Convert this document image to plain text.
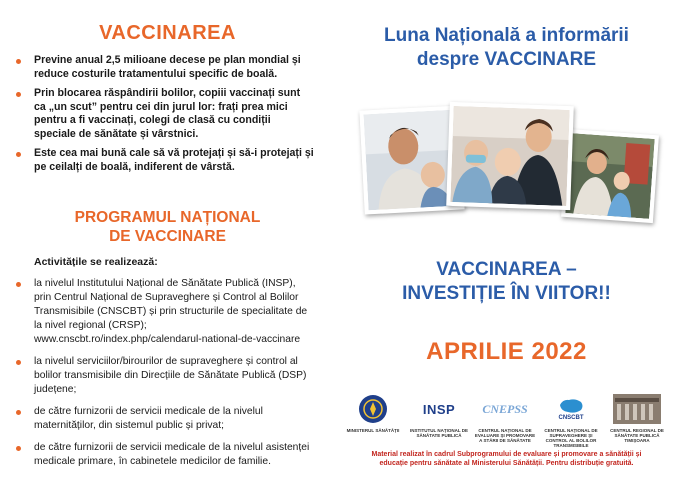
VACCINAREA
Previne anual 2,5 milioane decese pe plan mondial și reduce costurile tratamentului specific de boală.
Prin blocarea răspândirii bolilor, copiii vaccinați sunt ca „un scut” pentru cei din jurul lor: frați prea mici pentru a fi vaccinați, colegi de clasă cu condiții speciale de sănătate și vârstnici.
Este cea mai bună cale să vă protejați și să-i protejați și pe ceilalți de boală, indiferent de vârstă.
PROGRAMUL NAȚIONAL
DE VACCINARE
Activitățile se realizează:
la nivelul Institutului Național de Sănătate Publică (INSP), prin Centrul Național de Supraveghere și Control al Bolilor Transmisibile (CNSCBT) și prin structurile de specialitate de la nivel regional (CRSP); www.cnscbt.ro/index.php/calendarul-national-de-vaccinare
la nivelul serviciilor/birourilor de supraveghere și control al bolilor transmisibile din Direcțiile de Sănătate Publică (DSP) județene;
de către furnizorii de servicii medicale de la nivelul maternităților, din sistemul public și privat;
de către furnizorii de servicii medicale de la nivelul asistenței medicale primare, în cabinetele medicilor de familie.
Luna Națională a informării
despre VACCINARE
VACCINAREA –
INVESTIȚIE ÎN VIITOR!!
APRILIE 2022
MINISTERUL SĂNĂTĂȚII
INSP
INSTITUTUL NAȚIONAL DE SĂNĂTATE PUBLICĂ
CNEPSS
CENTRUL NAȚIONAL DE EVALUARE ȘI PROMOVARE A STĂRII DE SĂNĂTATE
CNSCBT
CENTRUL NAȚIONAL DE SUPRAVEGHERE ȘI CONTROL AL BOLILOR TRANSMISIBILE
CENTRUL REGIONAL DE SĂNĂTATE PUBLICĂ TIMIȘOARA
Material realizat în cadrul Subprogramului de evaluare și promovare a sănătății și
educație pentru sănătate al Ministerului Sănătății. Pentru distribuție gratuită.
